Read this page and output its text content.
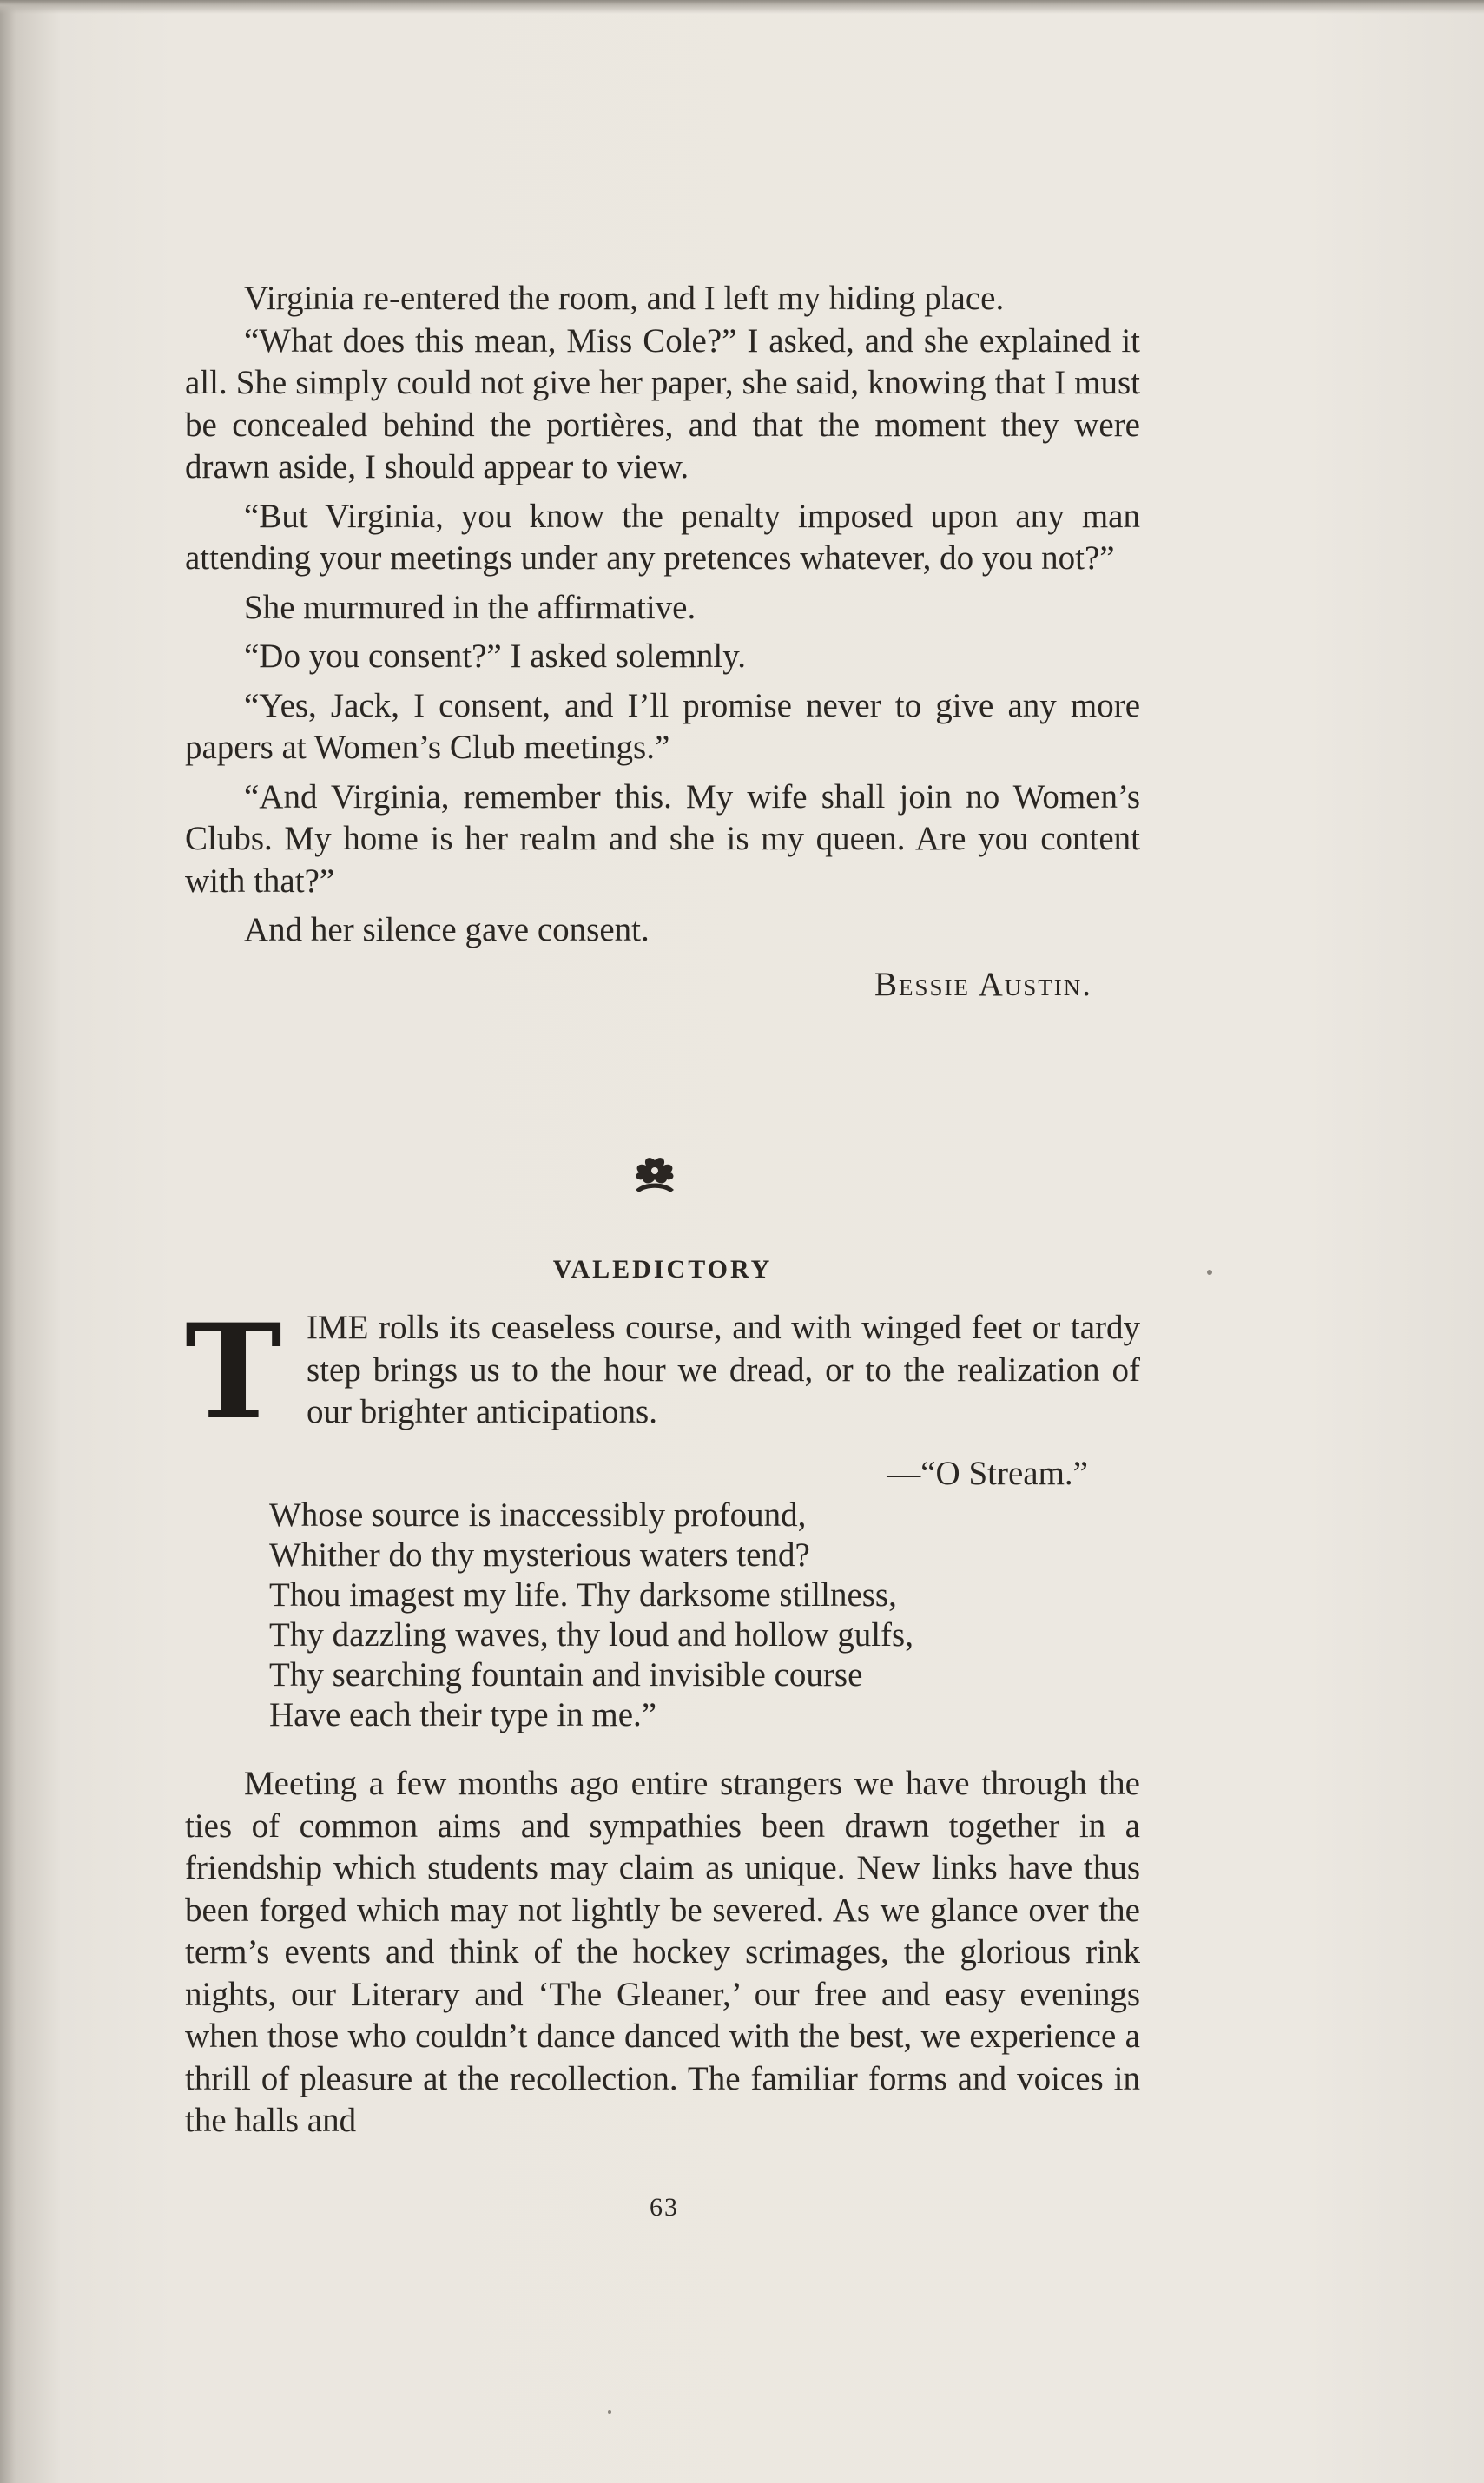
Virginia re-entered the room, and I left my hiding place.

“What does this mean, Miss Cole?” I asked, and she explained it all. She simply could not give her paper, she said, knowing that I must be concealed behind the portières, and that the moment they were drawn aside, I should appear to view.

“But Virginia, you know the penalty imposed upon any man attending your meetings under any pretences whatever, do you not?”

She murmured in the affirmative.

“Do you consent?” I asked solemnly.

“Yes, Jack, I consent, and I’ll promise never to give any more papers at Women’s Club meetings.”

“And Virginia, remember this. My wife shall join no Women’s Clubs. My home is her realm and she is my queen. Are you content with that?”

And her silence gave consent.

Bessie Austin.
VALEDICTORY
T IME rolls its ceaseless course, and with winged feet or tardy step brings us to the hour we dread, or to the realization of our brighter anticipations.
—“O Stream.”
Whose source is inaccessibly profound,
Whither do thy mysterious waters tend?
Thou imagest my life. Thy darksome stillness,
Thy dazzling waves, thy loud and hollow gulfs,
Thy searching fountain and invisible course
Have each their type in me.”

Meeting a few months ago entire strangers we have through the ties of common aims and sympathies been drawn together in a friendship which students may claim as unique. New links have thus been forged which may not lightly be severed. As we glance over the term’s events and think of the hockey scrimages, the glorious rink nights, our Literary and ‘The Gleaner,’ our free and easy evenings when those who couldn’t dance danced with the best, we experience a thrill of pleasure at the recollection. The familiar forms and voices in the halls and

63
